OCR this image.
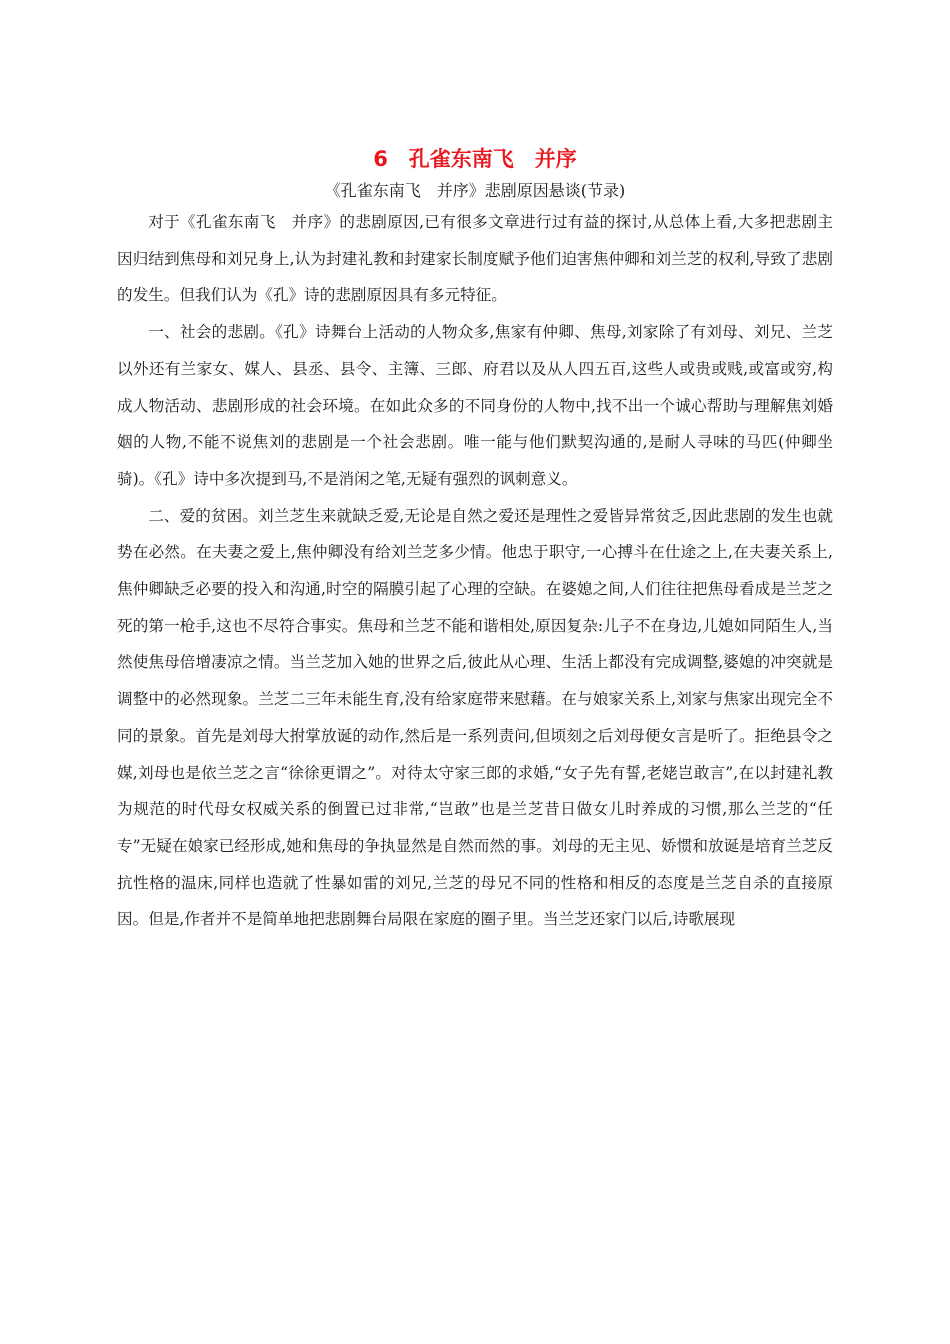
6　孔雀东南飞　并序
《孔雀东南飞　并序》悲剧原因悬谈(节录)

对于《孔雀东南飞　并序》的悲剧原因,已有很多文章进行过有益的探讨,从总体上看,大多把悲剧主因归结到焦母和刘兄身上,认为封建礼教和封建家长制度赋予他们迫害焦仲卿和刘兰芝的权利,导致了悲剧的发生。但我们认为《孔》诗的悲剧原因具有多元特征。

一、社会的悲剧。《孔》诗舞台上活动的人物众多,焦家有仲卿、焦母,刘家除了有刘母、刘兄、兰芝以外还有兰家女、媒人、县丞、县令、主簿、三郎、府君以及从人四五百,这些人或贵或贱,或富或穷,构成人物活动、悲剧形成的社会环境。在如此众多的不同身份的人物中,找不出一个诚心帮助与理解焦刘婚姻的人物,不能不说焦刘的悲剧是一个社会悲剧。唯一能与他们默契沟通的,是耐人寻味的马匹(仲卿坐骑)。《孔》诗中多次提到马,不是消闲之笔,无疑有强烈的讽刺意义。

二、爱的贫困。刘兰芝生来就缺乏爱,无论是自然之爱还是理性之爱皆异常贫乏,因此悲剧的发生也就势在必然。在夫妻之爱上,焦仲卿没有给刘兰芝多少情。他忠于职守,一心搏斗在仕途之上,在夫妻关系上,焦仲卿缺乏必要的投入和沟通,时空的隔膜引起了心理的空缺。在婆媳之间,人们往往把焦母看成是兰芝之死的第一枪手,这也不尽符合事实。焦母和兰芝不能和谐相处,原因复杂:儿子不在身边,儿媳如同陌生人,当然使焦母倍增凄凉之情。当兰芝加入她的世界之后,彼此从心理、生活上都没有完成调整,婆媳的冲突就是调整中的必然现象。兰芝二三年未能生育,没有给家庭带来慰藉。在与娘家关系上,刘家与焦家出现完全不同的景象。首先是刘母大拊掌放诞的动作,然后是一系列责问,但顷刻之后刘母便女言是听了。拒绝县令之媒,刘母也是依兰芝之言“徐徐更谓之”。对待太守家三郎的求婚,“女子先有誓,老姥岂敢言”,在以封建礼教为规范的时代母女权威关系的倒置已过非常,“岂敢”也是兰芝昔日做女儿时养成的习惯,那么兰芝的“任专”无疑在娘家已经形成,她和焦母的争执显然是自然而然的事。刘母的无主见、娇惯和放诞是培育兰芝反抗性格的温床,同样也造就了性暴如雷的刘兄,兰芝的母兄不同的性格和相反的态度是兰芝自杀的直接原因。但是,作者并不是简单地把悲剧舞台局限在家庭的圈子里。当兰芝还家门以后,诗歌展现
